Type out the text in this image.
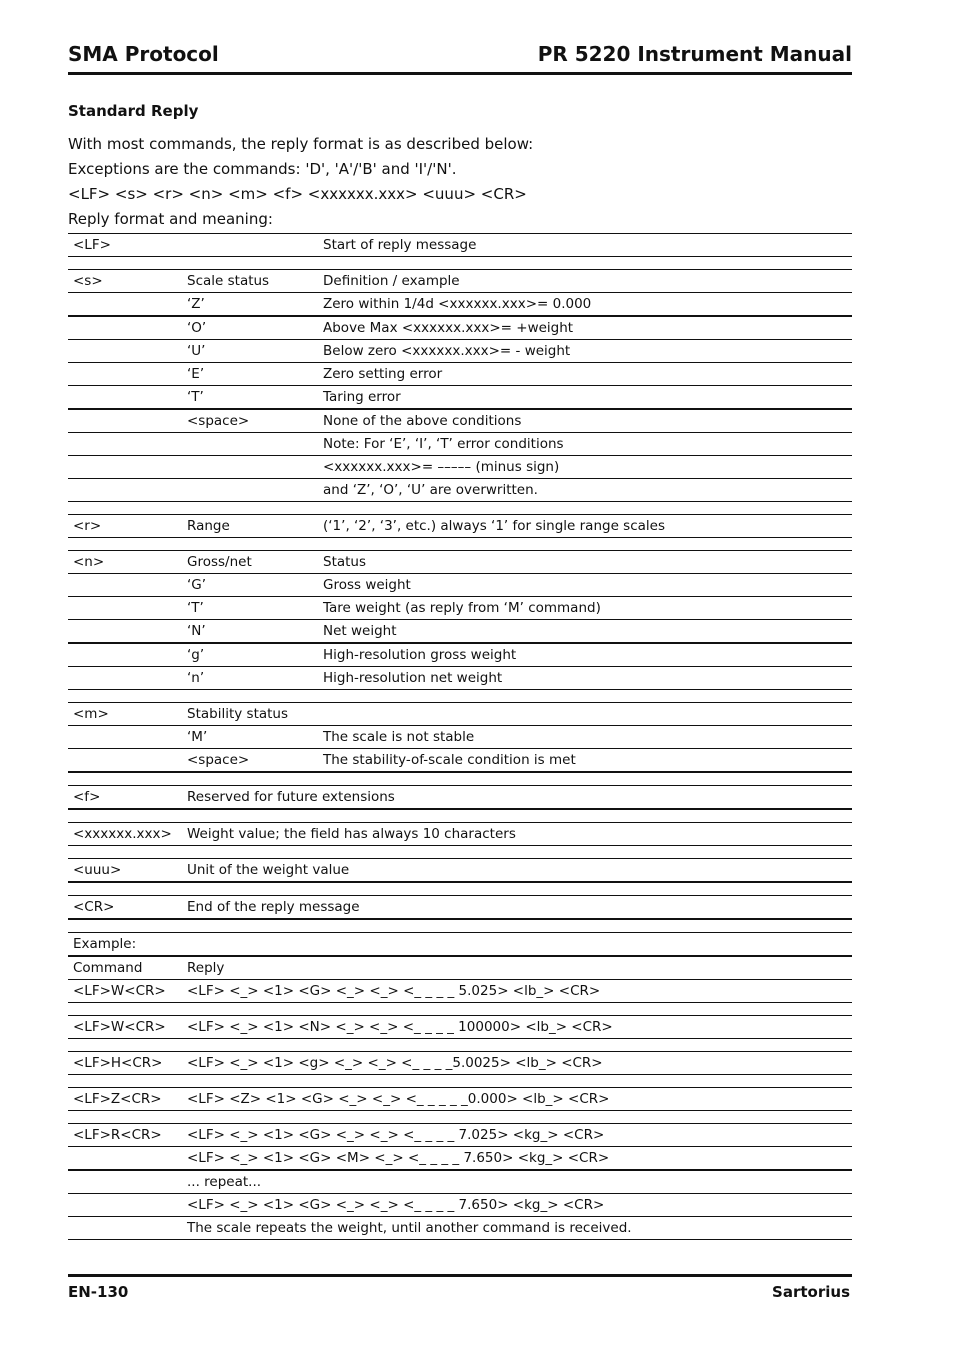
SMA Protocol	PR 5220 Instrument Manual
Standard Reply
With most commands, the reply format is as described below:
Exceptions are the commands: 'D', 'A'/'B' and 'I'/'N'.
<LF> <s> <r> <n> <m> <f> <xxxxxx.xxx> <uuu> <CR>
Reply format and meaning:
<LF>		Start of reply message

<s>	Scale status	Definition / example
	‘Z’	Zero within 1/4d <xxxxxx.xxx>= 0.000
	‘O’	Above Max <xxxxxx.xxx>= +weight
	‘U’	Below zero <xxxxxx.xxx>= - weight
	‘E’	Zero setting error
	‘T’	Taring error
	<space>	None of the above conditions
		Note: For ‘E’, ‘I’, ‘T’ error conditions
		<xxxxxx.xxx>= ––––– (minus sign)
		and ‘Z’, ‘O’, ‘U’ are overwritten.

<r>	Range	(‘1’, ‘2’, ‘3’, etc.) always ‘1’ for single range scales

<n>	Gross/net	Status
	‘G’	Gross weight
	‘T’	Tare weight (as reply from ‘M’ command)
	‘N’	Net weight
	‘g’	High-resolution gross weight
	‘n’	High-resolution net weight

<m>	Stability status	
	‘M’	The scale is not stable
	<space>	The stability-of-scale condition is met

<f>	Reserved for future extensions	

<xxxxxx.xxx>	Weight value; the field has always 10 characters	

<uuu>	Unit of the weight value	

<CR>	End of the reply message	

Example:		
Command	Reply	
<LF>W<CR>	<LF> <_> <1> <G> <_> <_> <_ _ _ _ 5.025> <lb_> <CR>	

<LF>W<CR>	<LF> <_> <1> <N> <_> <_> <_ _ _ _ 100000> <lb_> <CR>	

<LF>H<CR>	<LF> <_> <1> <g> <_> <_> <_ _ _ _5.0025> <lb_> <CR>	

<LF>Z<CR>	<LF> <Z> <1> <G> <_> <_> <_ _ _ _ _0.000> <lb_> <CR>	

<LF>R<CR>	<LF> <_> <1> <G> <_> <_> <_ _ _ _ 7.025> <kg_> <CR>	
	<LF> <_> <1> <G> <M> <_> <_ _ _ _ 7.650> <kg_> <CR>	
	... repeat...	
	<LF> <_> <1> <G> <_> <_> <_ _ _ _ 7.650> <kg_> <CR>	
	The scale repeats the weight, until another command is received.	
EN-130	Sartorius
